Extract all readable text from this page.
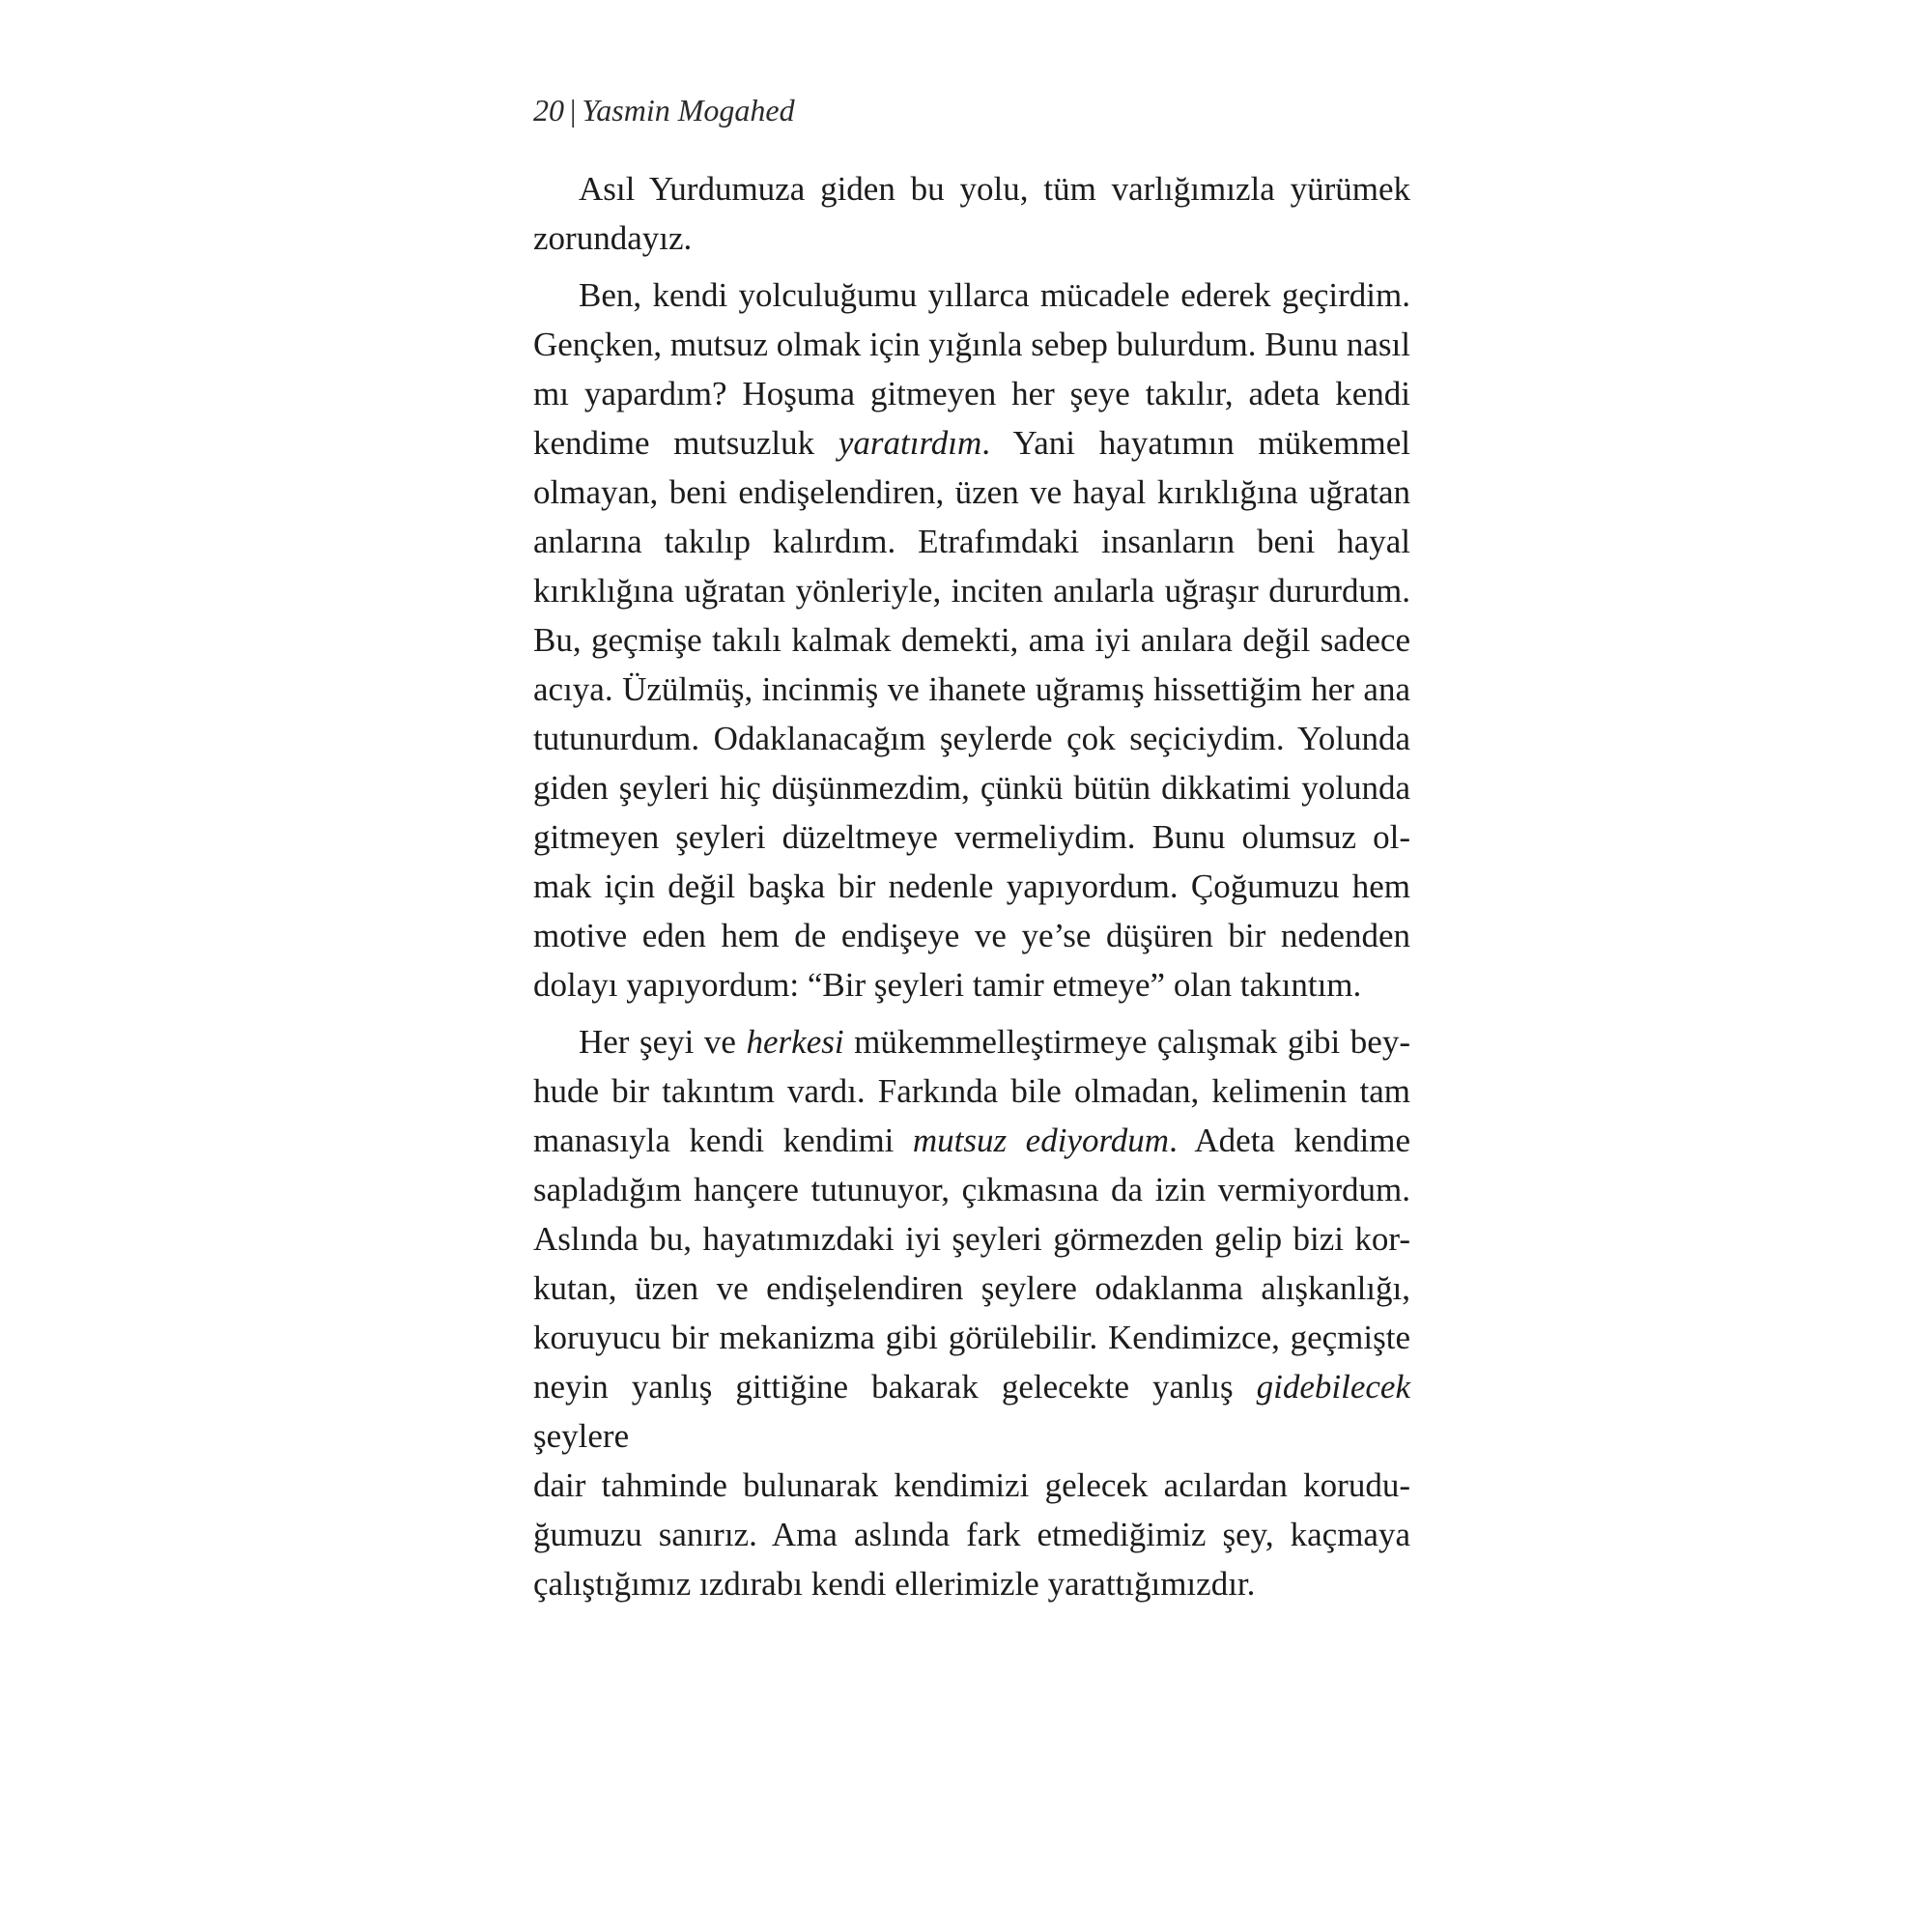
20 | Yasmin Mogahed

Asıl Yurdumuza giden bu yolu, tüm varlığımızla yürümek
zorundayız.

Ben, kendi yolculuğumu yıllarca mücadele ederek geçirdim.
Gençken, mutsuz olmak için yığınla sebep bulurdum. Bunu nasıl
mı yapardım? Hoşuma gitmeyen her şeye takılır, adeta kendi
kendime mutsuzluk yaratırdım. Yani hayatımın mükemmel
olmayan, beni endişelendiren, üzen ve hayal kırıklığına uğratan
anlarına takılıp kalırdım. Etrafımdaki insanların beni hayal
kırıklığına uğratan yönleriyle, inciten anılarla uğraşır dururdum.
Bu, geçmişe takılı kalmak demekti, ama iyi anılara değil sadece
acıya. Üzülmüş, incinmiş ve ihanete uğramış hissettiğim her ana
tutunurdum. Odaklanacağım şeylerde çok seçiciydim. Yolunda
giden şeyleri hiç düşünmezdim, çünkü bütün dikkatimi yolunda
gitmeyen şeyleri düzeltmeye vermeliydim. Bunu olumsuz ol-
mak için değil başka bir nedenle yapıyordum. Çoğumuzu hem
motive eden hem de endişeye ve ye’se düşüren bir nedenden
dolayı yapıyordum: “Bir şeyleri tamir etmeye” olan takıntım.

Her şeyi ve herkesi mükemmelleştirmeye çalışmak gibi bey-
hude bir takıntım vardı. Farkında bile olmadan, kelimenin tam
manasıyla kendi kendimi mutsuz ediyordum. Adeta kendime
sapladığım hançere tutunuyor, çıkmasına da izin vermiyordum.
Aslında bu, hayatımızdaki iyi şeyleri görmezden gelip bizi kor-
kutan, üzen ve endişelendiren şeylere odaklanma alışkanlığı,
koruyucu bir mekanizma gibi görülebilir. Kendimizce, geçmişte
neyin yanlış gittiğine bakarak gelecekte yanlış gidebilecek şeylere
dair tahminde bulunarak kendimizi gelecek acılardan korudu-
ğumuzu sanırız. Ama aslında fark etmediğimiz şey, kaçmaya
çalıştığımız ızdırabı kendi ellerimizle yarattığımızdır.
